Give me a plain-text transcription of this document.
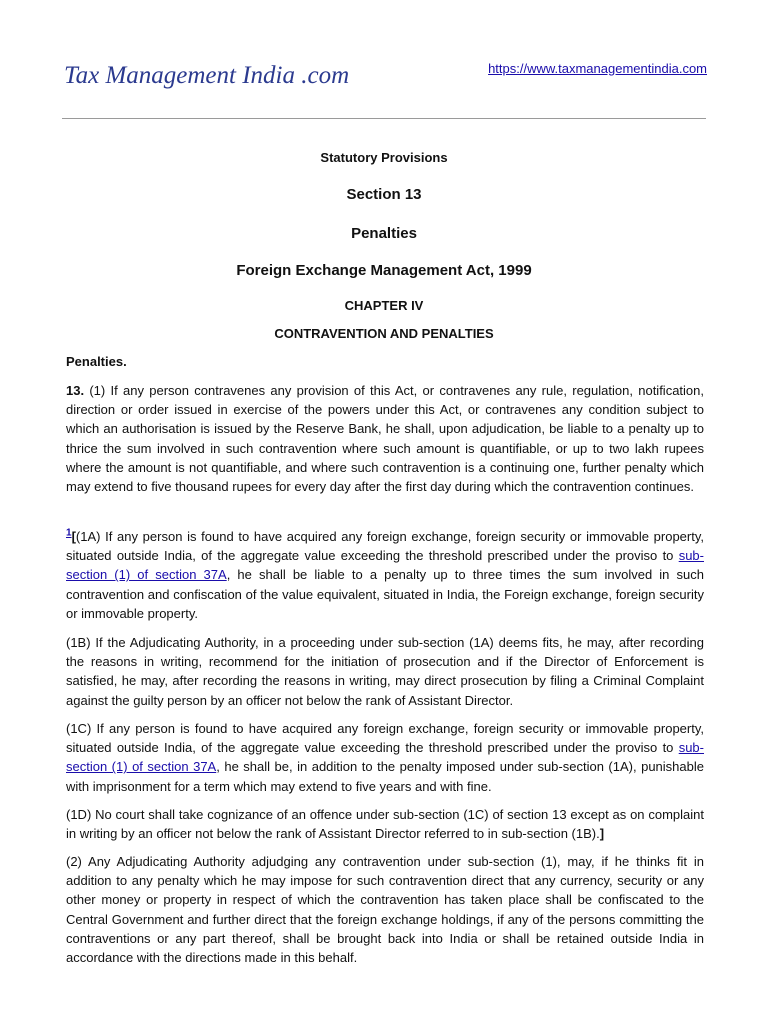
Tax Management India .com	https://www.taxmanagementindia.com

Statutory Provisions

Section 13

Penalties

Foreign Exchange Management Act, 1999

CHAPTER IV

CONTRAVENTION AND PENALTIES

Penalties.

13. (1) If any person contravenes any provision of this Act, or contravenes any rule, regulation, notification, direction or order issued in exercise of the powers under this Act, or contravenes any condition subject to which an authorisation is issued by the Reserve Bank, he shall, upon adjudication, be liable to a penalty up to thrice the sum involved in such contravention where such amount is quantifiable, or up to two lakh rupees where the amount is not quantifiable, and where such contravention is a continuing one, further penalty which may extend to five thousand rupees for every day after the first day during which the contravention continues.

$^1$[(1A) If any person is found to have acquired any foreign exchange, foreign security or immovable property, situated outside India, of the aggregate value exceeding the threshold prescribed under the proviso to sub-section (1) of section 37A, he shall be liable to a penalty up to three times the sum involved in such contravention and confiscation of the value equivalent, situated in India, the Foreign exchange, foreign security or immovable property.

(1B) If the Adjudicating Authority, in a proceeding under sub-section (1A) deems fits, he may, after recording the reasons in writing, recommend for the initiation of prosecution and if the Director of Enforcement is satisfied, he may, after recording the reasons in writing, may direct prosecution by filing a Criminal Complaint against the guilty person by an officer not below the rank of Assistant Director.

(1C) If any person is found to have acquired any foreign exchange, foreign security or immovable property, situated outside India, of the aggregate value exceeding the threshold prescribed under the proviso to sub-section (1) of section 37A, he shall be, in addition to the penalty imposed under sub-section (1A), punishable with imprisonment for a term which may extend to five years and with fine.

(1D) No court shall take cognizance of an offence under sub-section (1C) of section 13 except as on complaint in writing by an officer not below the rank of Assistant Director referred to in sub-section (1B).]

(2) Any Adjudicating Authority adjudging any contravention under sub-section (1), may, if he thinks fit in addition to any penalty which he may impose for such contravention direct that any currency, security or any other money or property in respect of which the contravention has taken place shall be confiscated to the Central Government and further direct that the foreign exchange holdings, if any of the persons committing the contraventions or any part thereof, shall be brought back into India or shall be retained outside India in accordance with the directions made in this behalf.
